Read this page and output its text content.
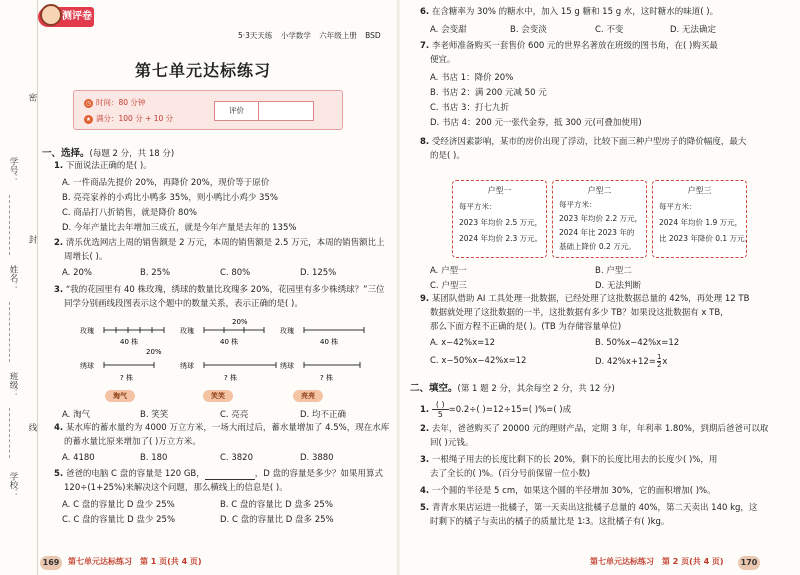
学号：
姓名：
班级：
学校：
密
封
线
测评卷
5·3天天练 小学数学 六年级上册 BSD
第七单元达标练习
◷ 时间：80 分钟
★ 满分：100 分 + 10 分
评价
一、选择。(每题 2 分，共 18 分)
1. 下面说法正确的是( )。
A. 一件商品先提价 20%，再降价 20%，现价等于原价
B. 亮亮家养的小鸡比小鸭多 35%，则小鸭比小鸡少 35%
C. 商品打八折销售，就是降价 80%
D. 今年产量比去年增加三成五，就是今年产量是去年的 135%
2. 清乐优选网店上周的销售额是 2 万元，本周的销售额是 2.5 万元，本周的销售额比上
周增长( )。
A. 20%	B. 25%	C. 80%	D. 125%
3. “我的花园里有 40 株玫瑰，绣球的数量比玫瑰多 20%，花园里有多少株绣球？”三位
同学分别画线段图表示这个题中的数量关系，表示正确的是( )。
玫瑰
40 株
绣球
20%
? 株
玫瑰
20%
40 株
绣球
? 株
玫瑰
40 株
绣球
? 株
淘气	笑笑	亮亮
A. 淘气	B. 笑笑	C. 亮亮	D. 均不正确
4. 某水库的蓄水量约为 4000 万立方米，一场大雨过后，蓄水量增加了 4.5%，现在水库
的蓄水量比原来增加了( )万立方米。
A. 4180	B. 180	C. 3820	D. 3880
5. 爸爸的电脑 C 盘的容量是 120 GB，	，D 盘的容量是多少？如果用算式
120÷(1+25%)来解决这个问题，那么横线上的信息是( )。
A. C 盘的容量比 D 盘少 25%	B. C 盘的容量比 D 盘多 25%
C. C 盘的容量比 D 盘少 25%	D. C 盘的容量比 D 盘多 25%
169	第七单元达标练习　第 1 页(共 4 页)
6. 在含糖率为 30% 的糖水中，加入 15 g 糖和 15 g 水，这时糖水的味道( )。
A. 会变甜	B. 会变淡	C. 不变	D. 无法确定
7. 李老师准备购买一套售价 600 元的世界名著放在班级的图书角，在( )购买最
便宜。
A. 书店 1：降价 20%
B. 书店 2：满 200 元减 50 元
C. 书店 3：打七九折
D. 书店 4：200 元一张代金券，抵 300 元(可叠加使用)
8. 受经济因素影响，某市的房价出现了浮动，比较下面三种户型房子的降价幅度，最大
的是( )。
户型一
每平方米：
2023 年均价 2.5 万元，
2024 年均价 2.3 万元。
户型二
每平方米：
2023 年均价 2.2 万元，
2024 年比 2023 年的
基础上降价 0.2 万元。
户型三
每平方米：
2024 年均价 1.9 万元，
比 2023 年降价 0.1 万元。
A. 户型一	B. 户型二
C. 户型三	D. 无法判断
9. 某团队借助 AI 工具处理一批数据，已经处理了这批数据总量的 42%，再处理 12 TB
数据就处理了这批数据的一半，这批数据有多少 TB？如果设这批数据有 x TB，
那么下面方程不正确的是( )。(TB 为存储容量单位)
A. x−42%x=12	B. 50%x−42%x=12
C. x−50%x−42%x=12	D. $42\%x+12= \frac{1}{2}$ x
二、填空。(第 1 题 2 分，其余每空 2 分，共 12 分)
1.
( )
5 =0.2÷( )=12÷15=( )%=( )成
2. 去年，爸爸购买了 20000 元的理财产品，定期 3 年，年利率 1.80%，到期后爸爸可以取
回( )元钱。
3. 一根绳子用去的长度比剩下的长 20%，剩下的长度比用去的长度少( )%，用
去了全长的( )%。(百分号前保留一位小数)
4. 一个圆的半径是 5 cm，如果这个圆的半径增加 30%，它的面积增加( )%。
5. 青青水果店运进一批橘子，第一天卖出这批橘子总量的 40%，第二天卖出 140 kg，这
时剩下的橘子与卖出的橘子的质量比是 1∶3。这批橘子有( )kg。
第七单元达标练习　第 2 页(共 4 页)	170
